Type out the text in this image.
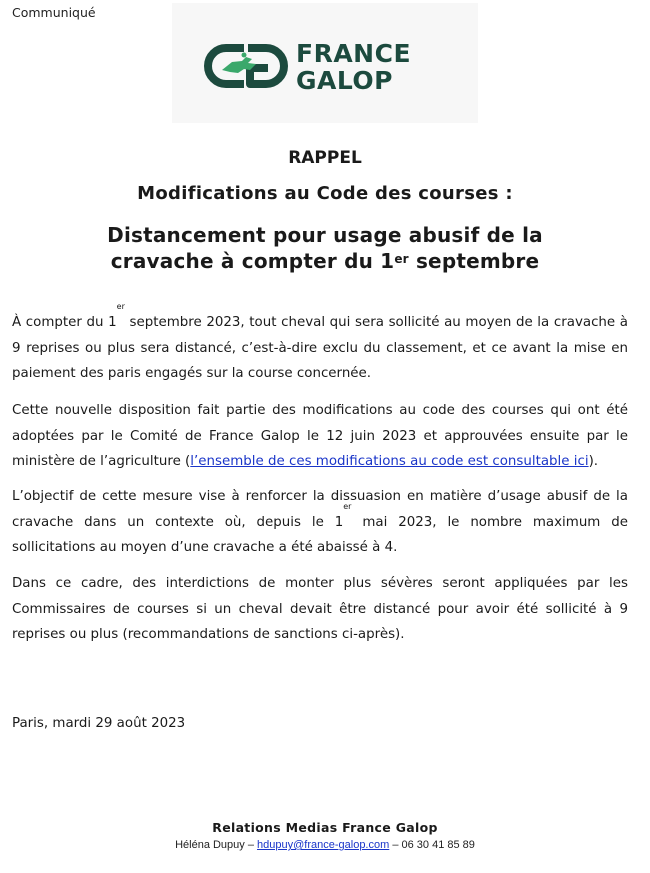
Communiqué
FRANCE
GALOP
RAPPEL
Modifications au Code des courses :
Distancement pour usage abusif de la
cravache à compter du 1er septembre
À compter du 1er septembre 2023, tout cheval qui sera sollicité au moyen de la cravache à 9 reprises ou plus sera distancé, c’est-à-dire exclu du classement, et ce avant la mise en paiement des paris engagés sur la course concernée.
Cette nouvelle disposition fait partie des modifications au code des courses qui ont été adoptées par le Comité de France Galop le 12 juin 2023 et approuvées ensuite par le ministère de l’agriculture (l’ensemble de ces modifications au code est consultable ici).
L’objectif de cette mesure vise à renforcer la dissuasion en matière d’usage abusif de la cravache dans un contexte où, depuis le 1er mai 2023, le nombre maximum de sollicitations au moyen d’une cravache a été abaissé à 4.
Dans ce cadre, des interdictions de monter plus sévères seront appliquées par les Commissaires de courses si un cheval devait être distancé pour avoir été sollicité à 9 reprises ou plus (recommandations de sanctions ci-après).
Paris, mardi 29 août 2023
Relations Medias France Galop
Héléna Dupuy – hdupuy@france-galop.com – 06 30 41 85 89
